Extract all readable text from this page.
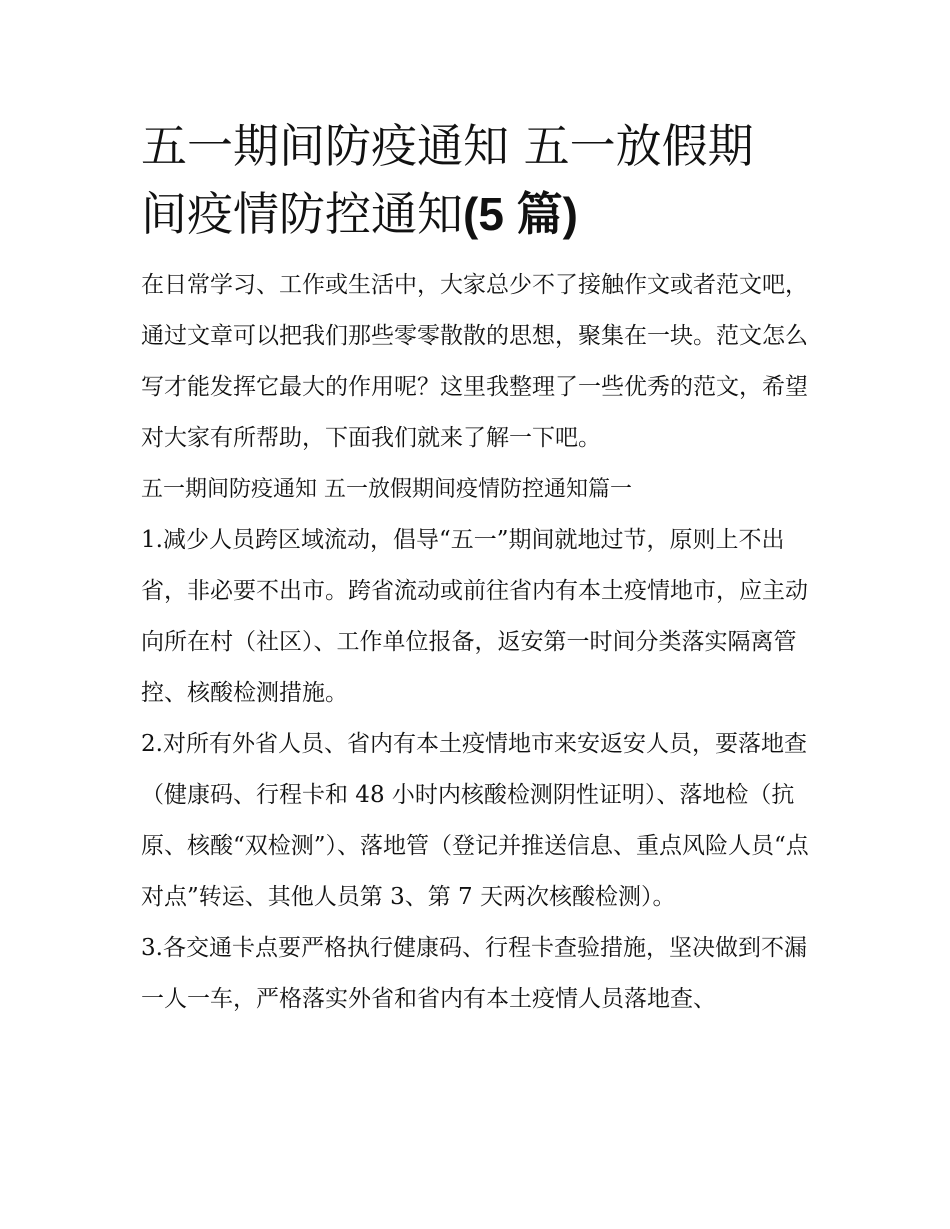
五一期间防疫通知 五一放假期
间疫情防控通知(5 篇)

在日常学习、工作或生活中，大家总少不了接触作文或者范文吧，通过文章可以把我们那些零零散散的思想，聚集在一块。范文怎么写才能发挥它最大的作用呢？这里我整理了一些优秀的范文，希望对大家有所帮助，下面我们就来了解一下吧。

五一期间防疫通知 五一放假期间疫情防控通知篇一

1.减少人员跨区域流动，倡导“五一”期间就地过节，原则上不出省，非必要不出市。跨省流动或前往省内有本土疫情地市，应主动向所在村（社区）、工作单位报备，返安第一时间分类落实隔离管控、核酸检测措施。

2.对所有外省人员、省内有本土疫情地市来安返安人员，要落地查（健康码、行程卡和 48 小时内核酸检测阴性证明）、落地检（抗原、核酸“双检测”）、落地管（登记并推送信息、重点风险人员“点对点”转运、其他人员第 3、第 7 天两次核酸检测）。

3.各交通卡点要严格执行健康码、行程卡查验措施，坚决做到不漏一人一车，严格落实外省和省内有本土疫情人员落地查、
